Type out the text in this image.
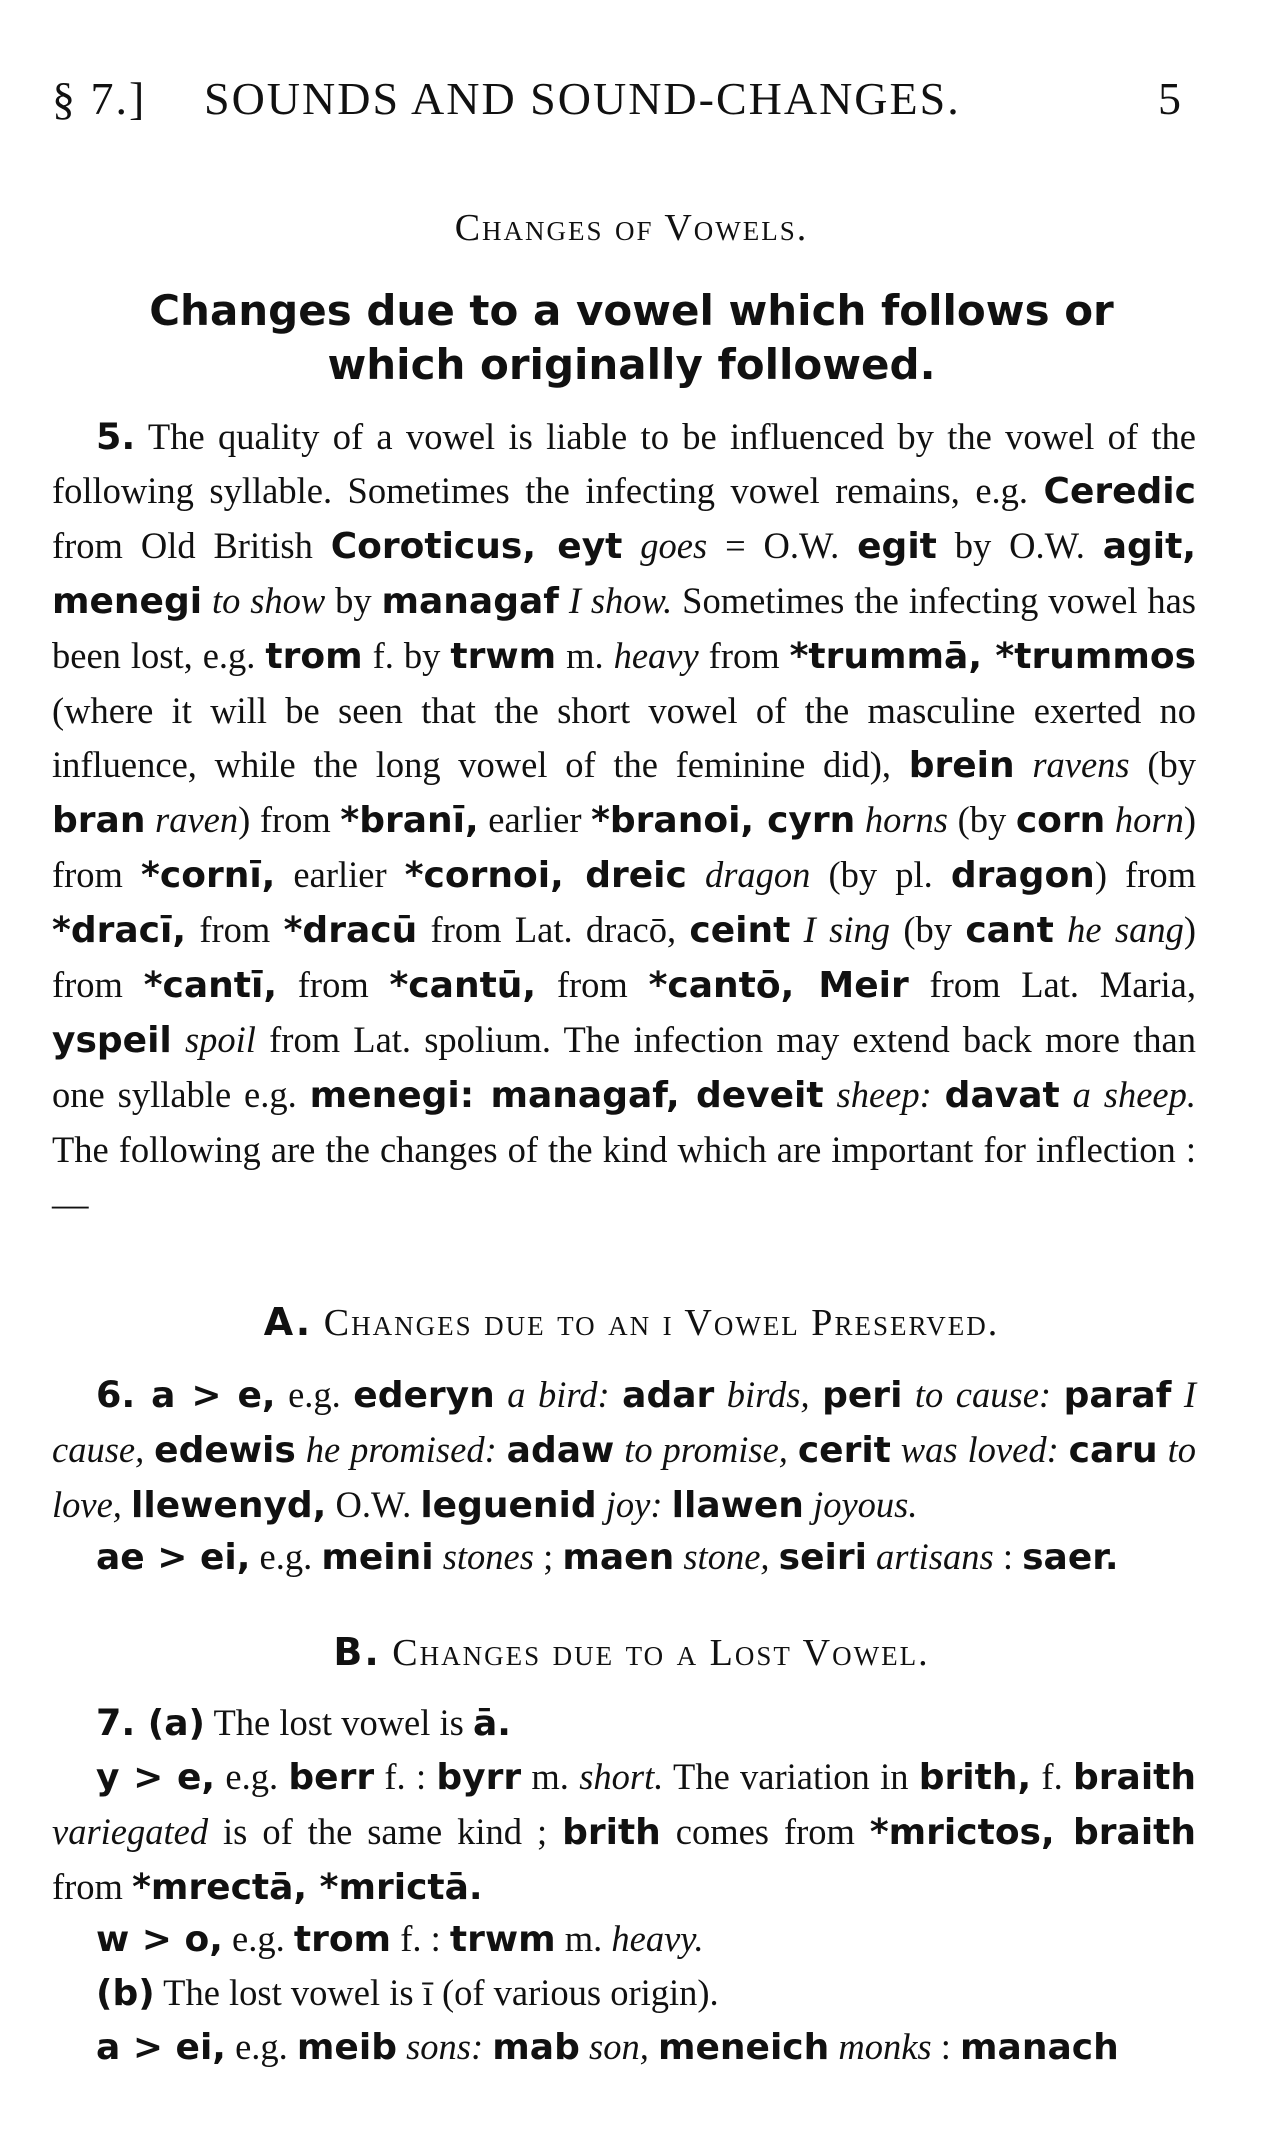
§ 7.] SOUNDS AND SOUND-CHANGES.	5
Changes of Vowels.
Changes due to a vowel which follows or which originally followed.
5. The quality of a vowel is liable to be influenced by the vowel of the following syllable. Sometimes the infecting vowel remains, e.g. Ceredic from Old British Coroticus, eyt goes = O.W. egit by O.W. agit, menegi to show by managaf I show. Sometimes the infecting vowel has been lost, e.g. trom f. by trwm m. heavy from *trummā, *trummos (where it will be seen that the short vowel of the masculine exerted no influence, while the long vowel of the feminine did), brein ravens (by bran raven) from *branī, earlier *branoi, cyrn horns (by corn horn) from *cornī, earlier *cornoi, dreic dragon (by pl. dragon) from *dracī, from *dracū from Lat. dracō, ceint I sing (by cant he sang) from *cantī, from *cantū, from *cantō, Meir from Lat. Maria, yspeil spoil from Lat. spolium. The infection may extend back more than one syllable e.g. menegi: managaf, deveit sheep: davat a sheep. The following are the changes of the kind which are important for inflection :—
A. Changes due to an i Vowel Preserved.
6. a > e, e.g. ederyn a bird: adar birds, peri to cause: paraf I cause, edewis he promised: adaw to promise, cerit was loved: caru to love, llewenyd, O.W. leguenid joy: llawen joyous.
ae > ei, e.g. meini stones ; maen stone, seiri artisans : saer.
B. Changes due to a Lost Vowel.
7. (a) The lost vowel is ā.
y > e, e.g. berr f. : byrr m. short. The variation in brith, f. braith variegated is of the same kind ; brith comes from *mrictos, braith from *mrectā, *mrictā.
w > o, e.g. trom f. : trwm m. heavy.
(b) The lost vowel is ī (of various origin).
a > ei, e.g. meib sons: mab son, meneich monks : manach
